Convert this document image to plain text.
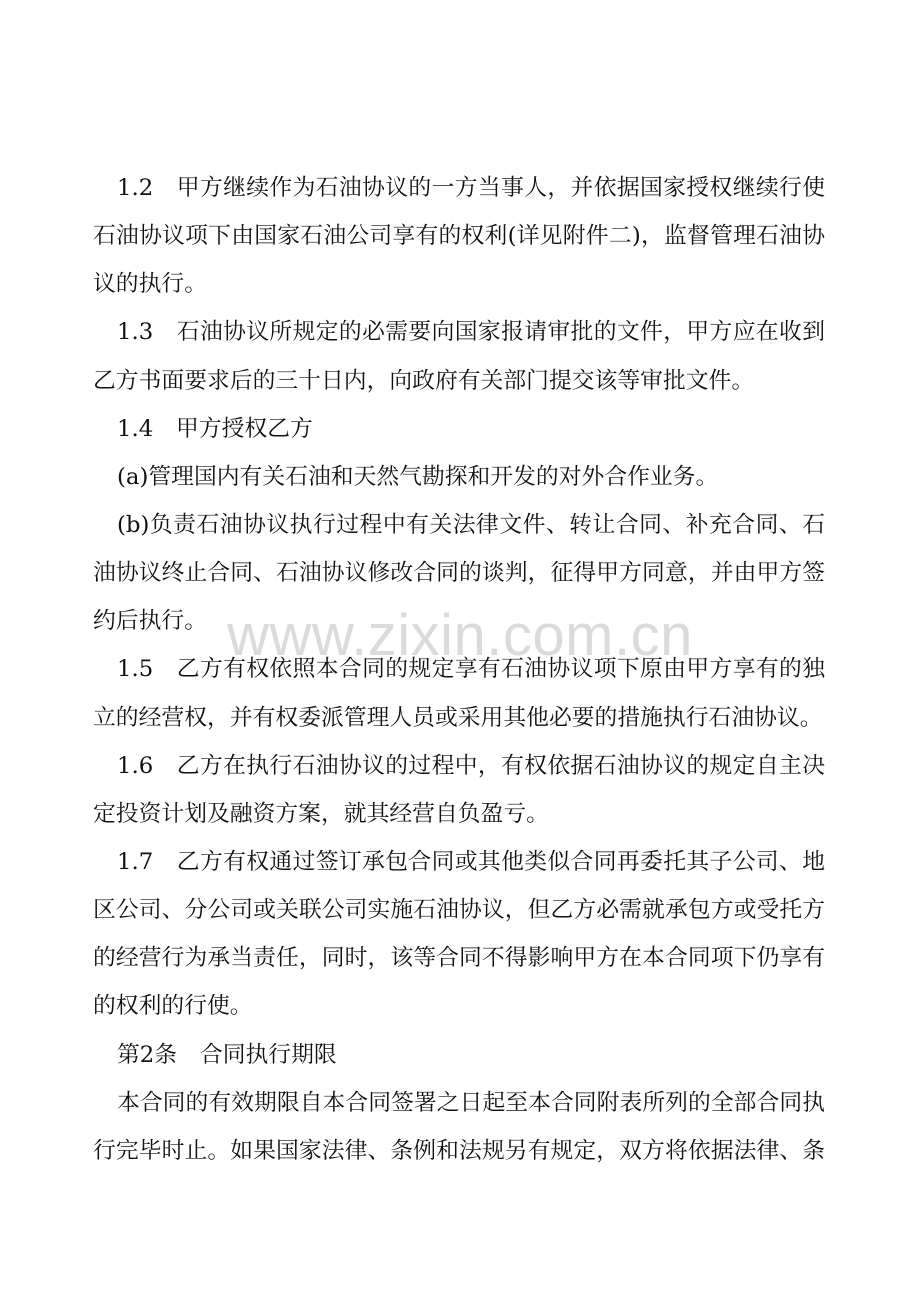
1.2　甲方继续作为石油协议的一方当事人，并依据国家授权继续行使
石油协议项下由国家石油公司享有的权利(详见附件二)，监督管理石油协
议的执行。
1.3　石油协议所规定的必需要向国家报请审批的文件，甲方应在收到
乙方书面要求后的三十日内，向政府有关部门提交该等审批文件。
1.4　甲方授权乙方
(a)管理国内有关石油和天然气勘探和开发的对外合作业务。
(b)负责石油协议执行过程中有关法律文件、转让合同、补充合同、石
油协议终止合同、石油协议修改合同的谈判，征得甲方同意，并由甲方签
约后执行。
1.5　乙方有权依照本合同的规定享有石油协议项下原由甲方享有的独
立的经营权，并有权委派管理人员或采用其他必要的措施执行石油协议。
1.6　乙方在执行石油协议的过程中，有权依据石油协议的规定自主决
定投资计划及融资方案，就其经营自负盈亏。
1.7　乙方有权通过签订承包合同或其他类似合同再委托其子公司、地
区公司、分公司或关联公司实施石油协议，但乙方必需就承包方或受托方
的经营行为承当责任，同时，该等合同不得影响甲方在本合同项下仍享有
的权利的行使。
第2条　合同执行期限
本合同的有效期限自本合同签署之日起至本合同附表所列的全部合同执
行完毕时止。如果国家法律、条例和法规另有规定，双方将依据法律、条
www.zixin.com.cn
